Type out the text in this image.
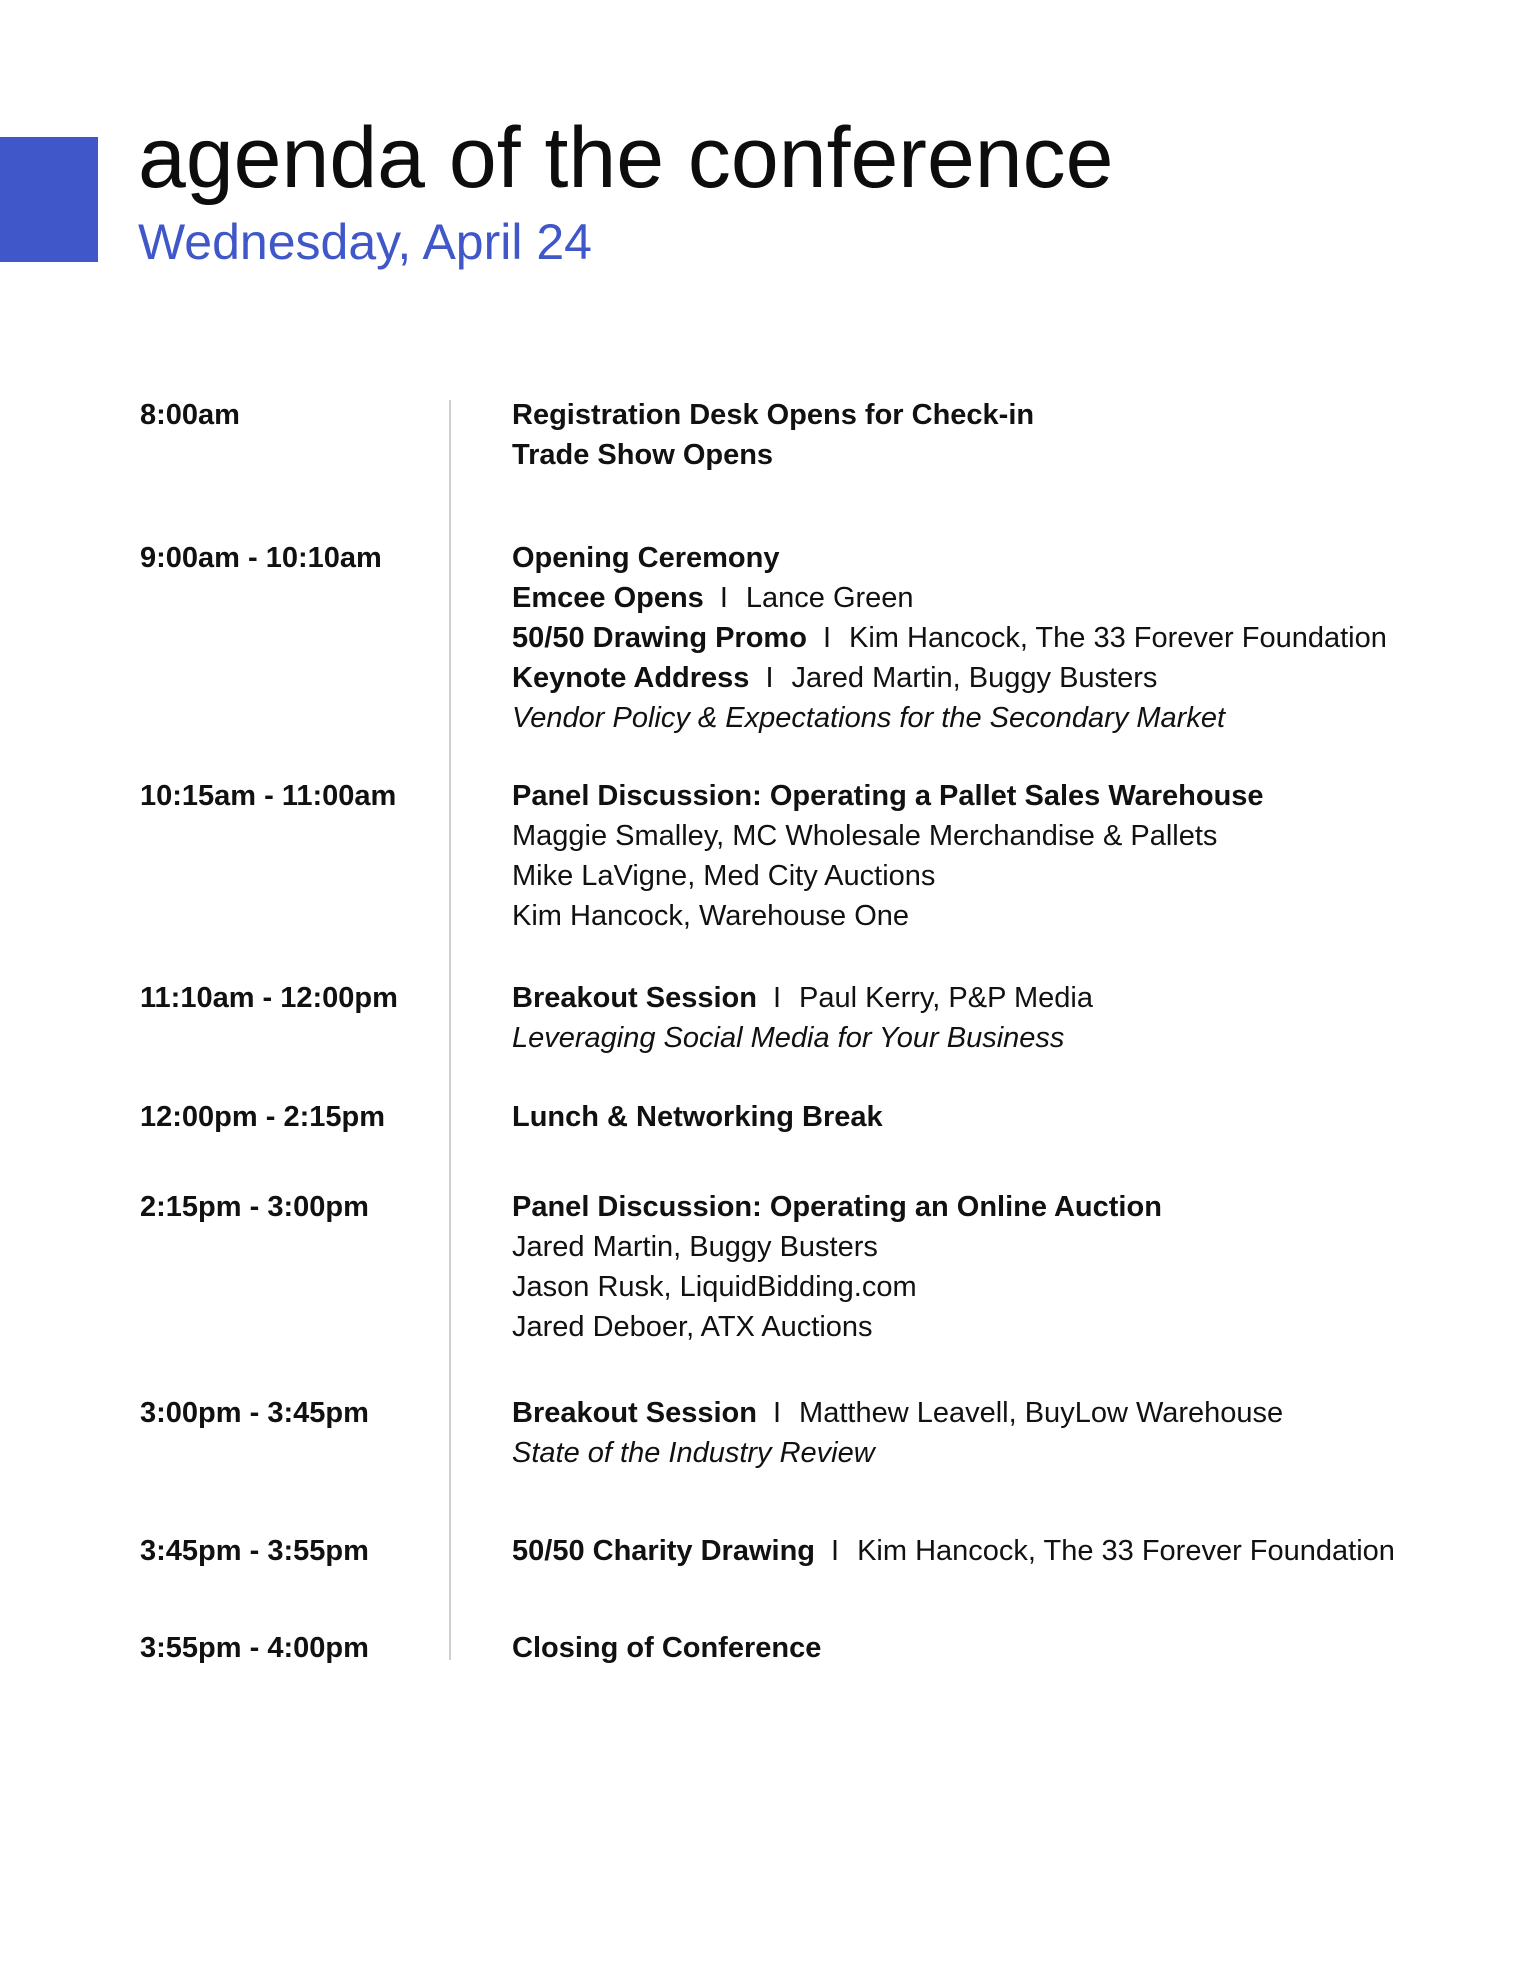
agenda of the conference
Wednesday, April 24
8:00am	Registration Desk Opens for Check-in
Trade Show Opens
9:00am - 10:10am	Opening Ceremony
Emcee Opens I Lance Green
50/50 Drawing Promo I Kim Hancock, The 33 Forever Foundation
Keynote Address I Jared Martin, Buggy Busters
Vendor Policy & Expectations for the Secondary Market
10:15am - 11:00am	Panel Discussion: Operating a Pallet Sales Warehouse
Maggie Smalley, MC Wholesale Merchandise & Pallets
Mike LaVigne, Med City Auctions
Kim Hancock, Warehouse One
11:10am - 12:00pm	Breakout Session I Paul Kerry, P&P Media
Leveraging Social Media for Your Business
12:00pm - 2:15pm	Lunch & Networking Break
2:15pm - 3:00pm	Panel Discussion: Operating an Online Auction
Jared Martin, Buggy Busters
Jason Rusk, LiquidBidding.com
Jared Deboer, ATX Auctions
3:00pm - 3:45pm	Breakout Session I Matthew Leavell, BuyLow Warehouse
State of the Industry Review
3:45pm - 3:55pm	50/50 Charity Drawing I Kim Hancock, The 33 Forever Foundation
3:55pm - 4:00pm	Closing of Conference
